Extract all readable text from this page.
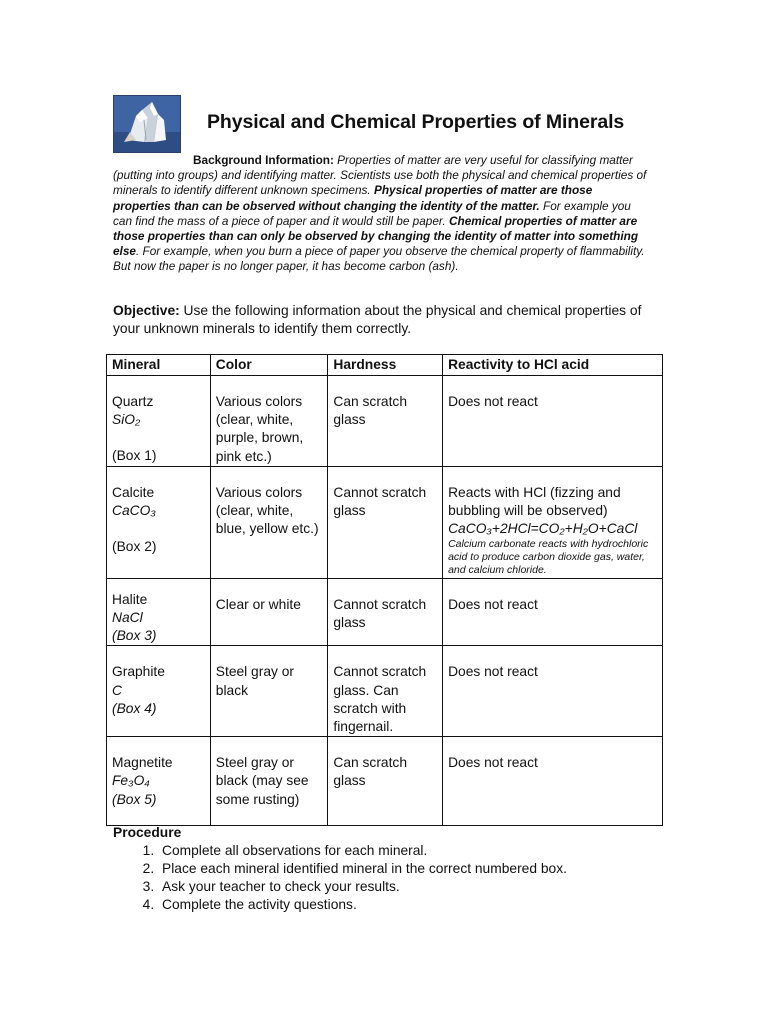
Physical and Chemical Properties of Minerals
Background Information: Properties of matter are very useful for classifying matter (putting into groups) and identifying matter. Scientists use both the physical and chemical properties of minerals to identify different unknown specimens. Physical properties of matter are those properties than can be observed without changing the identity of the matter. For example you can find the mass of a piece of paper and it would still be paper. Chemical properties of matter are those properties than can only be observed by changing the identity of matter into something else. For example, when you burn a piece of paper you observe the chemical property of flammability. But now the paper is no longer paper, it has become carbon (ash).
Objective: Use the following information about the physical and chemical properties of your unknown minerals to identify them correctly.
Mineral	Color	Hardness	Reactivity to HCl acid
Quartz
SiO₂

(Box 1)	Various colors (clear, white, purple, brown, pink etc.)	Can scratch glass	Does not react
Calcite
CaCO₃

(Box 2)	Various colors (clear, white, blue, yellow etc.)	Cannot scratch glass	Reacts with HCl (fizzing and bubbling will be observed)
CaCO₃+2HCl=CO₂+H₂O+CaCl
Calcium carbonate reacts with hydrochloric acid to produce carbon dioxide gas, water, and calcium chloride.

Halite
NaCl
(Box 3)	Clear or white	Cannot scratch glass	Does not react
Graphite
C
(Box 4)	Steel gray or black	Cannot scratch glass. Can scratch with fingernail.	Does not react
Magnetite
Fe₃O₄
(Box 5)	Steel gray or black (may see some rusting)	Can scratch glass	Does not react
Procedure
1. Complete all observations for each mineral.
2. Place each mineral identified mineral in the correct numbered box.
3. Ask your teacher to check your results.
4. Complete the activity questions.
